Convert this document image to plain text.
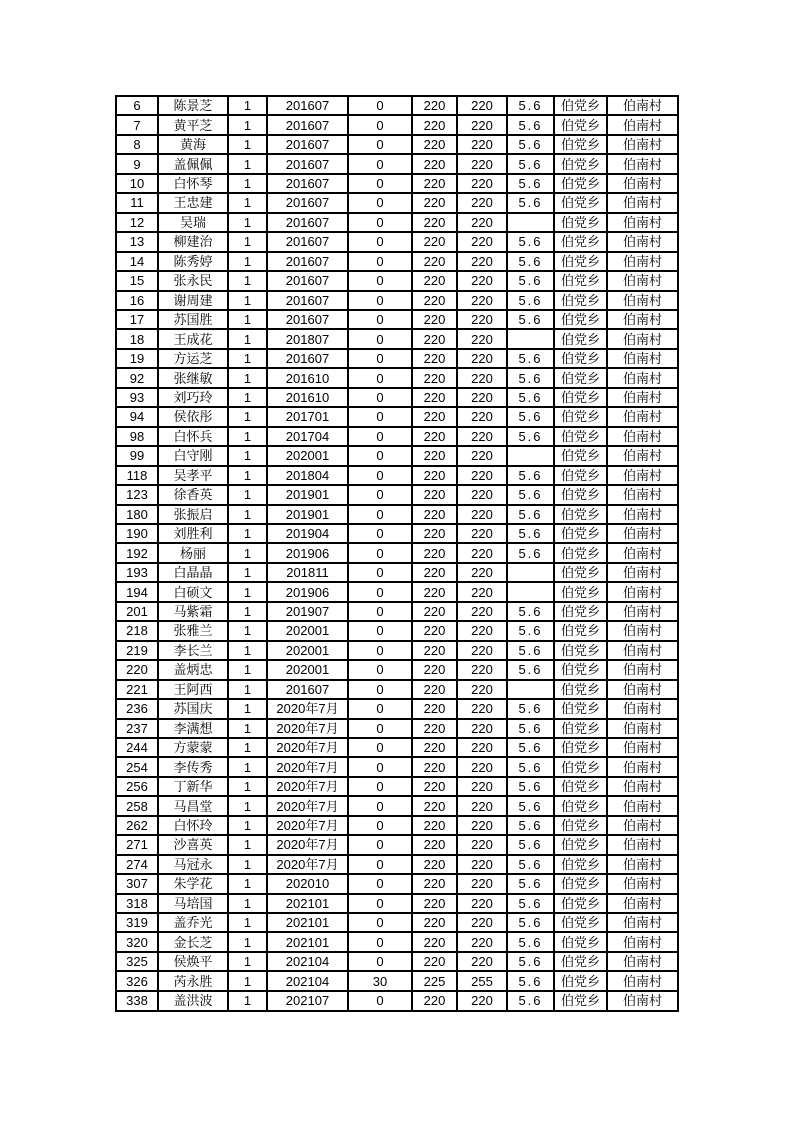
6	陈景芝	1	201607	0	220	220	5.6	伯党乡	伯南村
7	黄平芝	1	201607	0	220	220	5.6	伯党乡	伯南村
8	黄海	1	201607	0	220	220	5.6	伯党乡	伯南村
9	盖佩佩	1	201607	0	220	220	5.6	伯党乡	伯南村
10	白怀琴	1	201607	0	220	220	5.6	伯党乡	伯南村
11	王忠建	1	201607	0	220	220	5.6	伯党乡	伯南村
12	吴瑞	1	201607	0	220	220		伯党乡	伯南村
13	柳建治	1	201607	0	220	220	5.6	伯党乡	伯南村
14	陈秀婷	1	201607	0	220	220	5.6	伯党乡	伯南村
15	张永民	1	201607	0	220	220	5.6	伯党乡	伯南村
16	谢周建	1	201607	0	220	220	5.6	伯党乡	伯南村
17	苏国胜	1	201607	0	220	220	5.6	伯党乡	伯南村
18	王成花	1	201807	0	220	220		伯党乡	伯南村
19	方运芝	1	201607	0	220	220	5.6	伯党乡	伯南村
92	张继敏	1	201610	0	220	220	5.6	伯党乡	伯南村
93	刘巧玲	1	201610	0	220	220	5.6	伯党乡	伯南村
94	侯依彤	1	201701	0	220	220	5.6	伯党乡	伯南村
98	白怀兵	1	201704	0	220	220	5.6	伯党乡	伯南村
99	白守刚	1	202001	0	220	220		伯党乡	伯南村
118	吴孝平	1	201804	0	220	220	5.6	伯党乡	伯南村
123	徐香英	1	201901	0	220	220	5.6	伯党乡	伯南村
180	张振启	1	201901	0	220	220	5.6	伯党乡	伯南村
190	刘胜利	1	201904	0	220	220	5.6	伯党乡	伯南村
192	杨丽	1	201906	0	220	220	5.6	伯党乡	伯南村
193	白晶晶	1	201811	0	220	220		伯党乡	伯南村
194	白硕文	1	201906	0	220	220		伯党乡	伯南村
201	马紫霜	1	201907	0	220	220	5.6	伯党乡	伯南村
218	张雅兰	1	202001	0	220	220	5.6	伯党乡	伯南村
219	李长兰	1	202001	0	220	220	5.6	伯党乡	伯南村
220	盖炳忠	1	202001	0	220	220	5.6	伯党乡	伯南村
221	王阿西	1	201607	0	220	220		伯党乡	伯南村
236	苏国庆	1	2020年7月	0	220	220	5.6	伯党乡	伯南村
237	李满想	1	2020年7月	0	220	220	5.6	伯党乡	伯南村
244	方蒙蒙	1	2020年7月	0	220	220	5.6	伯党乡	伯南村
254	李传秀	1	2020年7月	0	220	220	5.6	伯党乡	伯南村
256	丁新华	1	2020年7月	0	220	220	5.6	伯党乡	伯南村
258	马昌堂	1	2020年7月	0	220	220	5.6	伯党乡	伯南村
262	白怀玲	1	2020年7月	0	220	220	5.6	伯党乡	伯南村
271	沙喜英	1	2020年7月	0	220	220	5.6	伯党乡	伯南村
274	马冠永	1	2020年7月	0	220	220	5.6	伯党乡	伯南村
307	朱学花	1	202010	0	220	220	5.6	伯党乡	伯南村
318	马培国	1	202101	0	220	220	5.6	伯党乡	伯南村
319	盖乔光	1	202101	0	220	220	5.6	伯党乡	伯南村
320	金长芝	1	202101	0	220	220	5.6	伯党乡	伯南村
325	侯焕平	1	202104	0	220	220	5.6	伯党乡	伯南村
326	芮永胜	1	202104	30	225	255	5.6	伯党乡	伯南村
338	盖洪波	1	202107	0	220	220	5.6	伯党乡	伯南村
